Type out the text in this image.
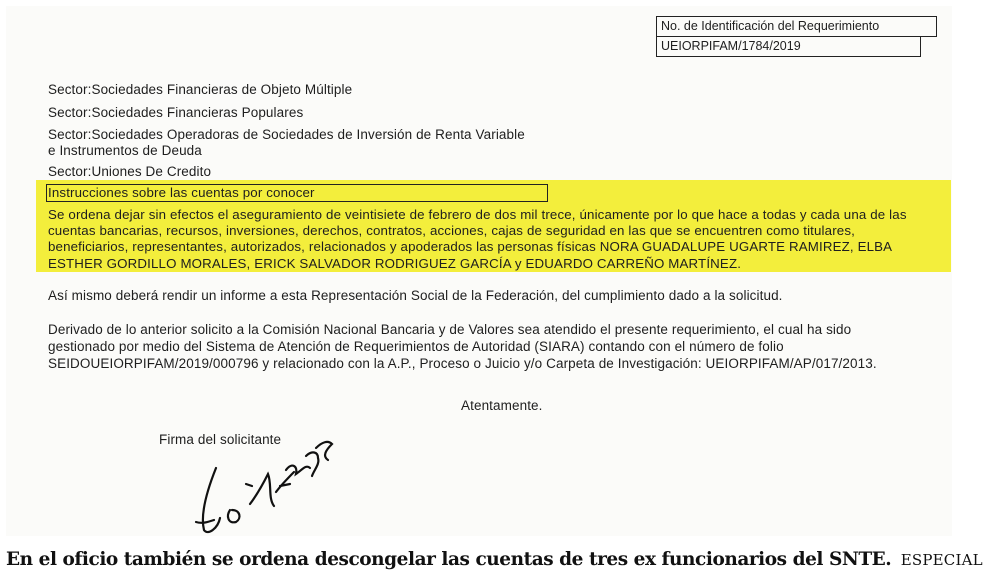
No. de Identificación del Requerimiento
UEIORPIFAM/1784/2019
Sector:Sociedades Financieras de Objeto Múltiple
Sector:Sociedades Financieras Populares
Sector:Sociedades Operadoras de Sociedades de Inversión de Renta Variable
e Instrumentos de Deuda
Sector:Uniones De Credito
Instrucciones sobre las cuentas por conocer
Se ordena dejar sin efectos el aseguramiento de veintisiete de febrero de dos mil trece, únicamente por lo que hace a todas y cada una de las
cuentas bancarias, recursos, inversiones, derechos, contratos, acciones, cajas de seguridad en las que se encuentren como titulares,
beneficiarios, representantes, autorizados, relacionados y apoderados las personas físicas NORA GUADALUPE UGARTE RAMIREZ, ELBA
ESTHER GORDILLO MORALES, ERICK SALVADOR RODRIGUEZ GARCÍA y EDUARDO CARREÑO MARTÍNEZ.
Así mismo deberá rendir un informe a esta Representación Social de la Federación, del cumplimiento dado a la solicitud.
Derivado de lo anterior solicito a la Comisión Nacional Bancaria y de Valores sea atendido el presente requerimiento, el cual ha sido
gestionado por medio del Sistema de Atención de Requerimientos de Autoridad (SIARA) contando con el número de folio
SEIDOUEIORPIFAM/2019/000796 y relacionado con la A.P., Proceso o Juicio y/o Carpeta de Investigación: UEIORPIFAM/AP/017/2013.
Atentamente.
Firma del solicitante
En el oficio también se ordena descongelar las cuentas de tres ex funcionarios del SNTE. ESPECIAL
